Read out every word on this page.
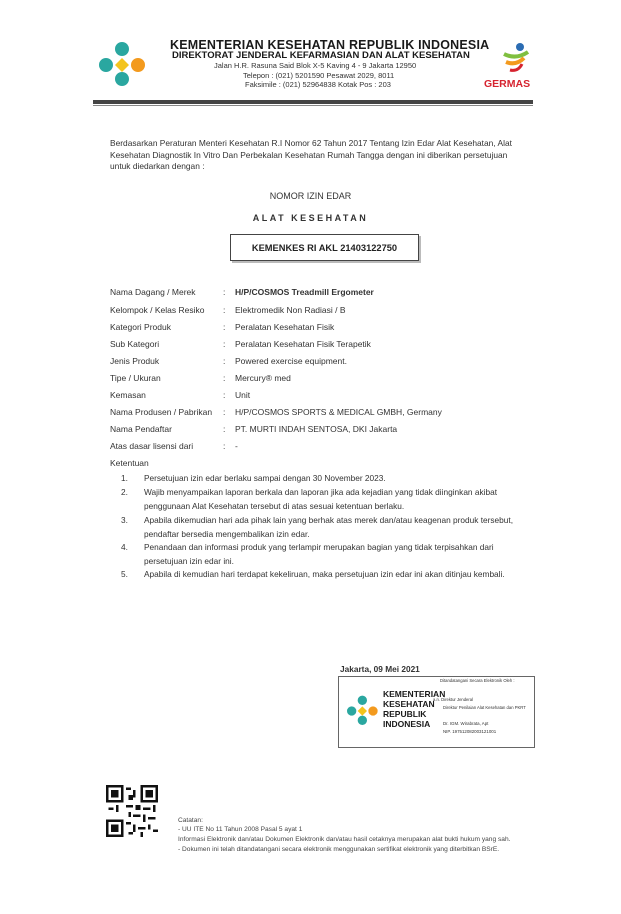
KEMENTERIAN KESEHATAN REPUBLIK INDONESIA
DIREKTORAT JENDERAL KEFARMASIAN DAN ALAT KESEHATAN
Jalan H.R. Rasuna Said Blok X-5 Kaving 4 - 9 Jakarta 12950
Telepon : (021) 5201590 Pesawat 2029, 8011
Faksimile : (021) 52964838 Kotak Pos : 203	GERMAS
Berdasarkan Peraturan Menteri Kesehatan R.I Nomor 62 Tahun 2017 Tentang Izin Edar Alat Kesehatan, Alat Kesehatan Diagnostik In Vitro Dan Perbekalan Kesehatan Rumah Tangga dengan ini diberikan persetujuan untuk diedarkan dengan :
NOMOR IZIN EDAR
ALAT KESEHATAN
KEMENKES RI AKL 21403122750
Nama Dagang / Merek	: H/P/COSMOS Treadmill Ergometer
Kelompok / Kelas Resiko : Elektromedik Non Radiasi / B
Kategori Produk	: Peralatan Kesehatan Fisik
Sub Kategori	: Peralatan Kesehatan Fisik Terapetik
Jenis Produk	: Powered exercise equipment.
Tipe / Ukuran	: Mercury® med
Kemasan	: Unit
Nama Produsen / Pabrikan : H/P/COSMOS SPORTS & MEDICAL GMBH, Germany
Nama Pendaftar	: PT. MURTI INDAH SENTOSA, DKI Jakarta
Atas dasar lisensi dari	: -
Ketentuan
1. Persetujuan izin edar berlaku sampai dengan 30 November 2023.
2. Wajib menyampaikan laporan berkala dan laporan jika ada kejadian yang tidak diinginkan akibat penggunaan Alat Kesehatan tersebut di atas sesuai ketentuan berlaku.
3. Apabila dikemudian hari ada pihak lain yang berhak atas merek dan/atau keagenan produk tersebut, pendaftar bersedia mengembalikan izin edar.
4. Penandaan dan informasi produk yang terlampir merupakan bagian yang tidak terpisahkan dari persetujuan izin edar ini.
5. Apabila di kemudian hari terdapat kekeliruan, maka persetujuan izin edar ini akan ditinjau kembali.
Jakarta, 09 Mei 2021
KEMENTERIAN
KESEHATAN
REPUBLIK
INDONESIA
Ditandatangani Secara Elektronik Oleh :
a.n. Direktur Jenderal
Direktur Penilaian Alat Kesehatan dan PKRT
Dr. IGM. Wirabrata, Apt
NIP. 197512082003121001
Catatan:
- UU ITE No 11 Tahun 2008 Pasal 5 ayat 1
Informasi Elektronik dan/atau Dokumen Elektronik dan/atau hasil cetaknya merupakan alat bukti hukum yang sah.
- Dokumen ini telah ditandatangani secara elektronik menggunakan sertifikat elektronik yang diterbitkan BSrE.
